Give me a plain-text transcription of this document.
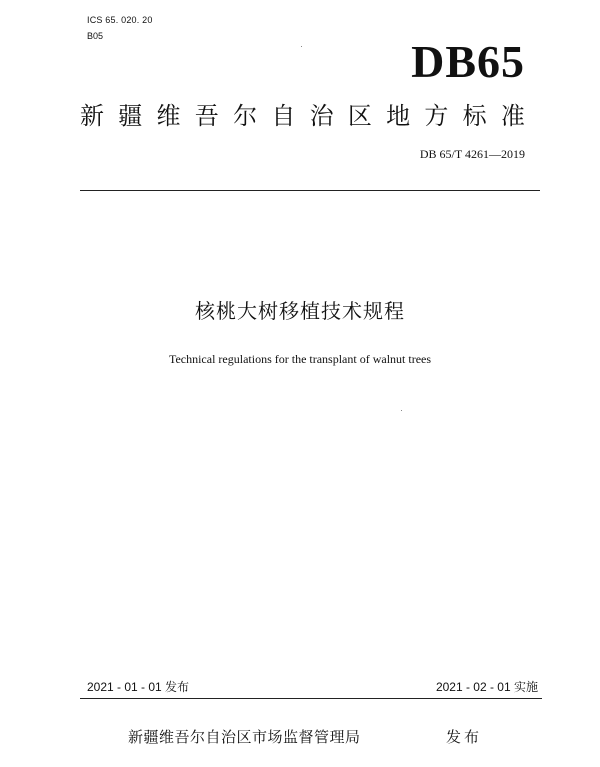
ICS 65. 020. 20
B05	DB65
新 疆 维 吾 尔 自 治 区 地 方 标 准
DB 65/T 4261—2019
核桃大树移植技术规程
Technical regulations for the transplant of walnut trees
2021 - 01 - 01 发布	2021 - 02 - 01 实施
新疆维吾尔自治区市场监督管理局	发布
